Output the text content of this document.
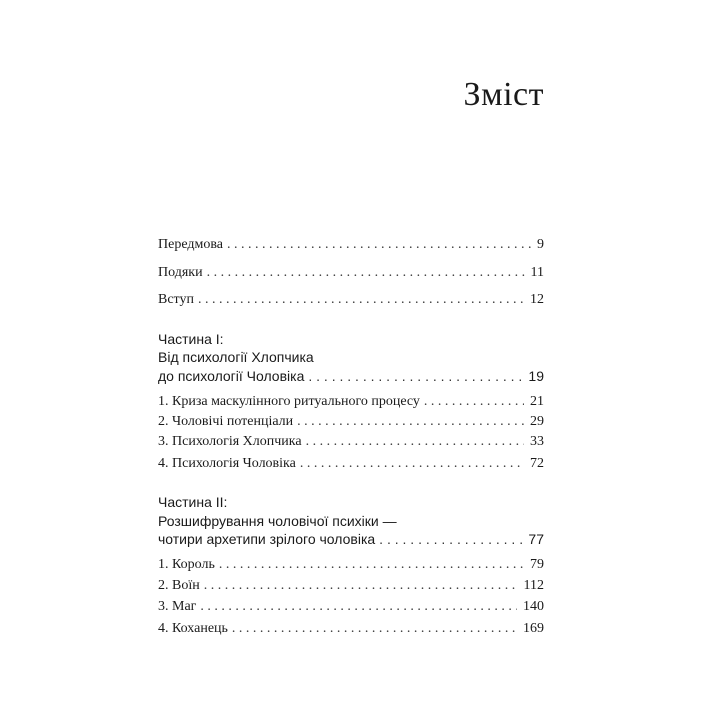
Зміст
Передмова . . .	9
Подяки . . .	11
Вступ . . .	12
Частина І:
Від психології Хлопчика
до психології Чоловіка . . .	19
1. Криза маскулінного ритуального процесу . . .	21
2. Чоловічі потенціали . . .	29
3. Психологія Хлопчика . . .	33
4. Психологія Чоловіка . . .	72
Частина ІІ:
Розшифрування чоловічої психіки —
чотири архетипи зрілого чоловіка . . .	77
1. Король . . .	79
2. Воїн . . .	112
3. Маг . . .	140
4. Коханець . . .	169
